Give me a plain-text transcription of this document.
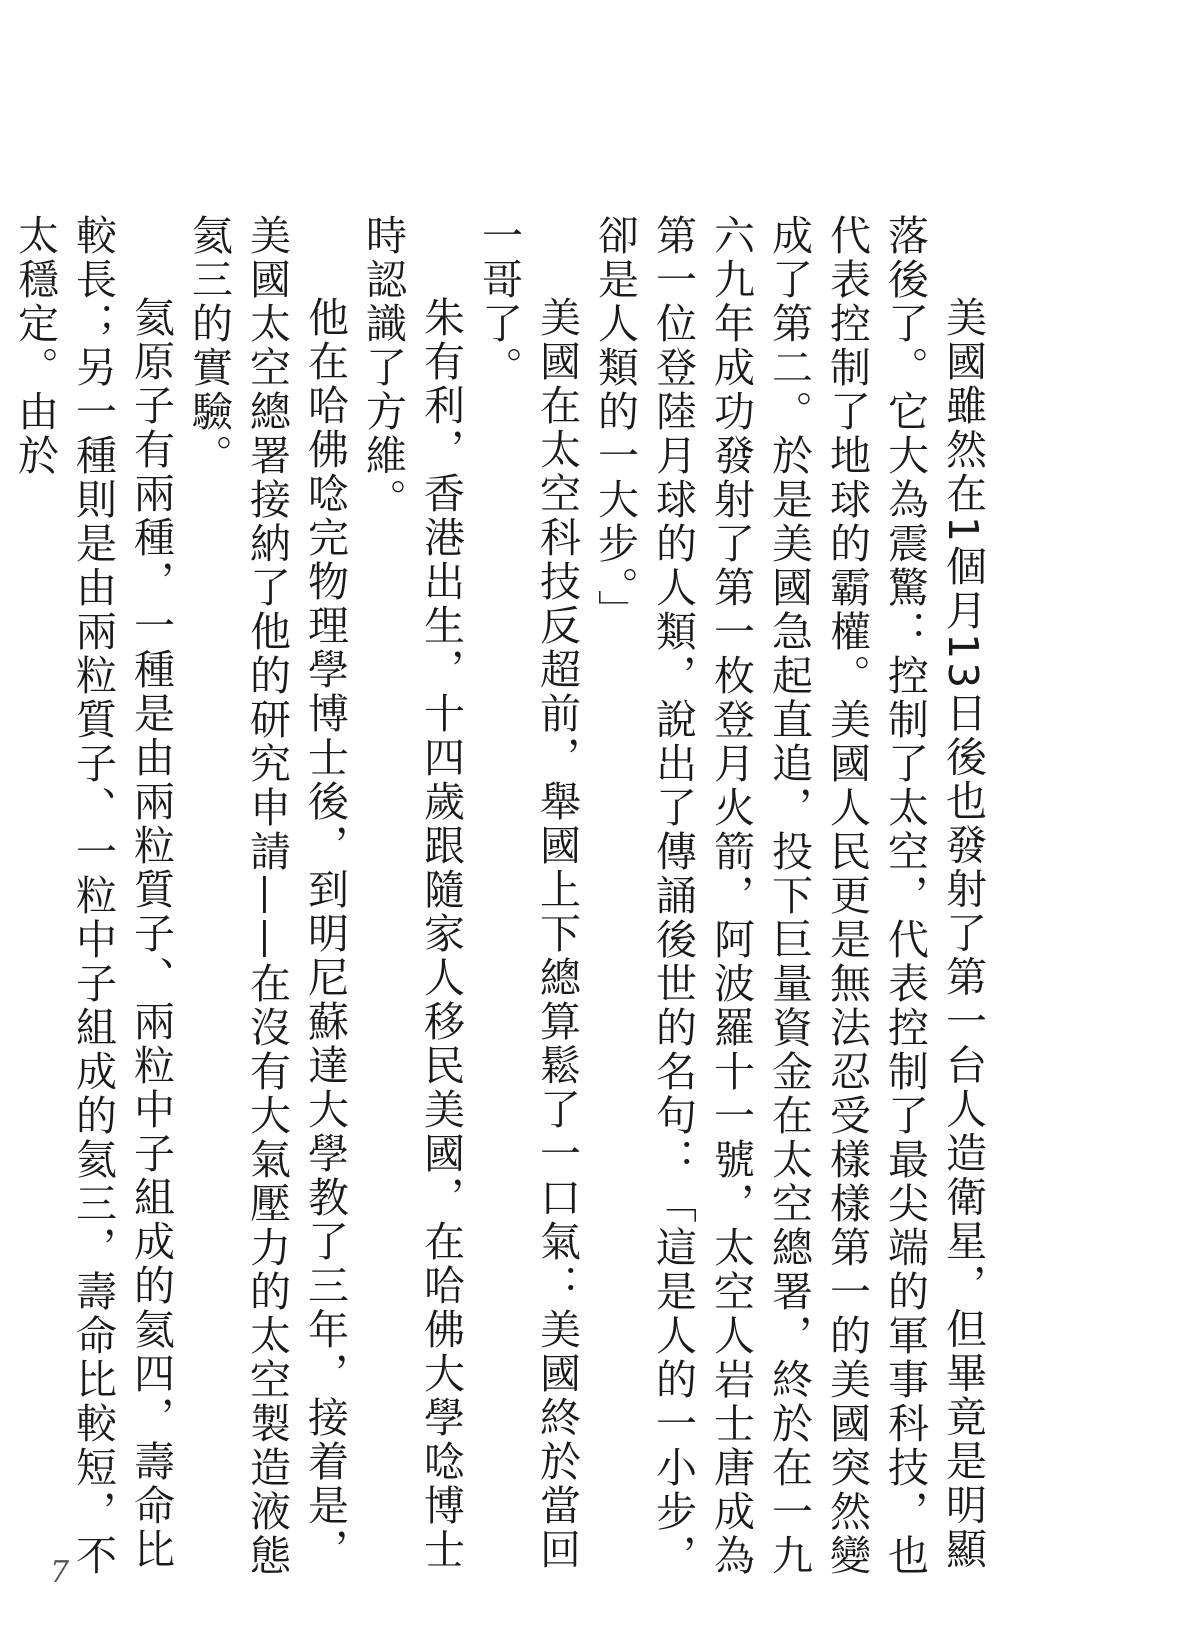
美國雖然在1個月13日後也發射了第一台人造衛星，但畢竟是明顯落後了。它大為震驚：控制了太空，代表控制了最尖端的軍事科技，也代表控制了地球的霸權。美國人民更是無法忍受樣樣第一的美國突然變成了第二。於是美國急起直追，投下巨量資金在太空總署，終於在一九六九年成功發射了第一枚登月火箭，阿波羅十一號，太空人岩士唐成為第一位登陸月球的人類，說出了傳誦後世的名句：「這是人的一小步，卻是人類的一大步。」

美國在太空科技反超前，舉國上下總算鬆了一口氣：美國終於當回一哥了。

朱有利，香港出生，十四歲跟隨家人移民美國，在哈佛大學唸博士時認識了方維。

他在哈佛唸完物理學博士後，到明尼蘇達大學教了三年，接着是，美國太空總署接納了他的研究申請——在沒有大氣壓力的太空製造液態氦三的實驗。

氦原子有兩種，一種是由兩粒質子、兩粒中子組成的氦四，壽命比較長；另一種則是由兩粒質子、一粒中子組成的氦三，壽命比較短，不太穩定。由於

7
